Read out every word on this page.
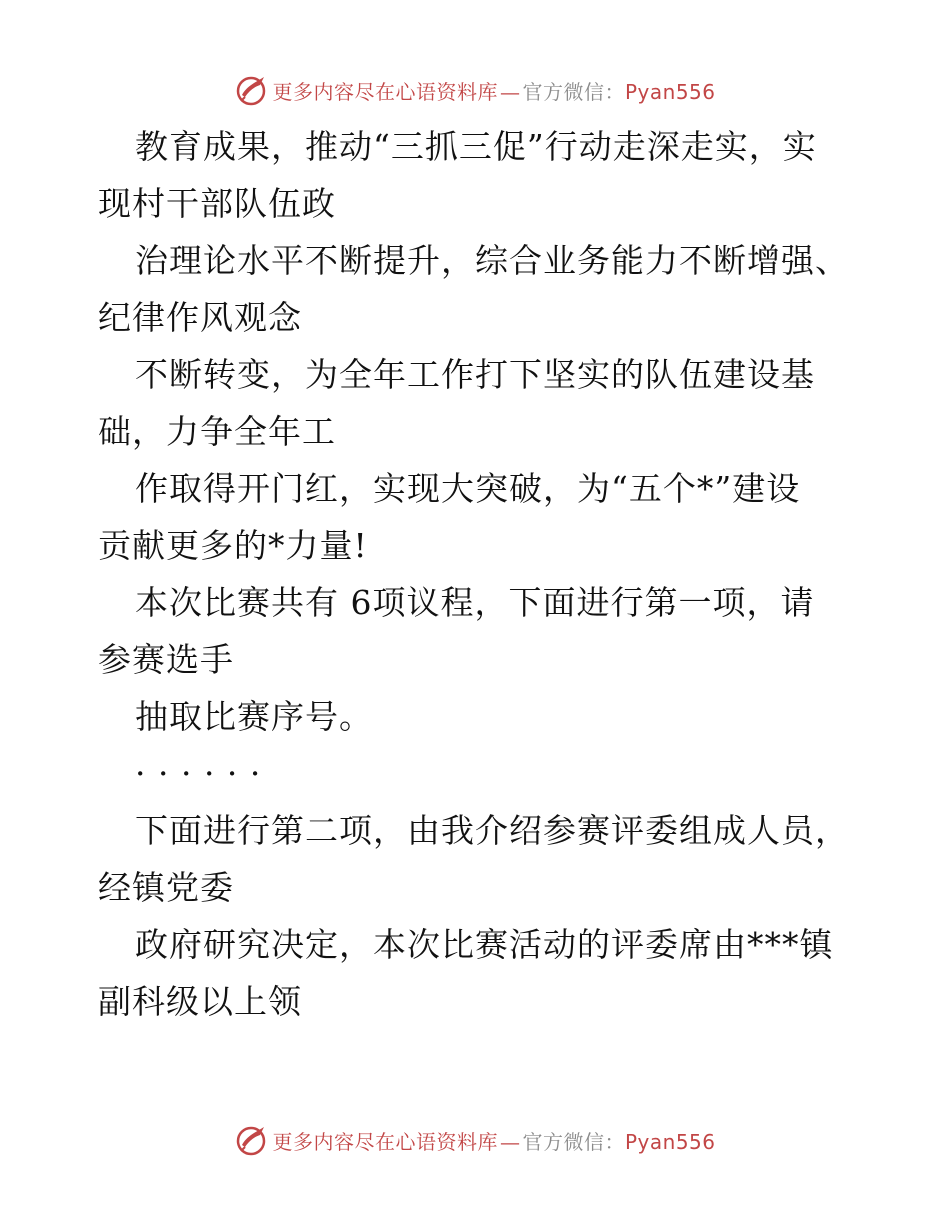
更多内容尽在心语资料库 — 官方微信：Pyan556
教育成果，推动“三抓三促”行动走深走实，实
现村干部队伍政
治理论水平不断提升，综合业务能力不断增强、
纪律作风观念
不断转变，为全年工作打下坚实的队伍建设基
础，力争全年工
作取得开门红，实现大突破，为“五个*”建设
贡献更多的*力量!
本次比赛共有 6项议程，下面进行第一项，请
参赛选手
抽取比赛序号。
· · · · · ·
下面进行第二项，由我介绍参赛评委组成人员，
经镇党委
政府研究决定，本次比赛活动的评委席由***镇
副科级以上领
更多内容尽在心语资料库 — 官方微信：Pyan556
